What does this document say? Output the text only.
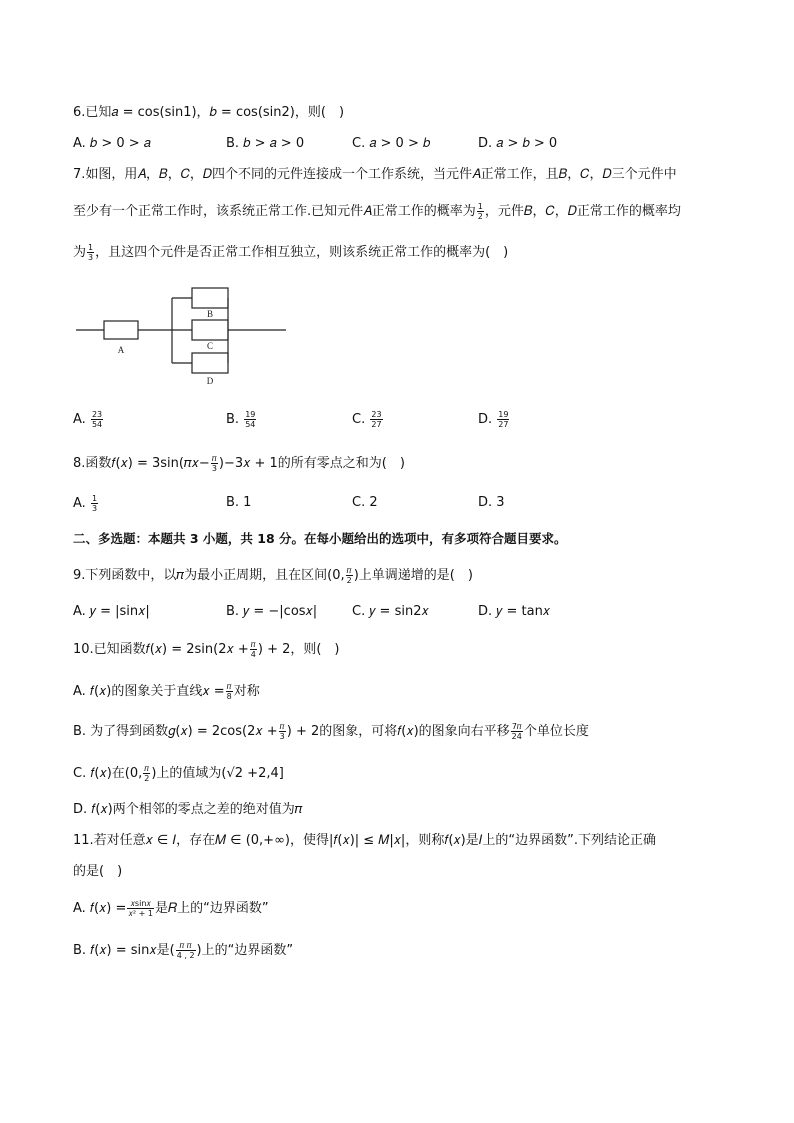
6.已知𝑎 = cos(sin1)，𝑏 = cos(sin2)，则(　)
A. 𝑏 > 0 > 𝑎	B. 𝑏 > 𝑎 > 0	C. 𝑎 > 0 > 𝑏	D. 𝑎 > 𝑏 > 0
7.如图，用𝐴，𝐵，𝐶，𝐷四个不同的元件连接成一个工作系统，当元件𝐴正常工作，且𝐵，𝐶，𝐷三个元件中
至少有一个正常工作时，该系统正常工作.已知元件𝐴正常工作的概率为 $\frac{1}{2}$ ，元件𝐵，𝐶，𝐷正常工作的概率均
为 $\frac{1}{3}$ ，且这四个元件是否正常工作相互独立，则该系统正常工作的概率为(　)
A
B
C
D
A. $\frac{23}{54}$	B. $\frac{19}{54}$	C. $\frac{23}{27}$	D. $\frac{19}{27}$
8.函数𝑓(𝑥) = 3sin(𝜋𝑥− $\frac{\text{𝜋}}{3}$ )−3𝑥 + 1的所有零点之和为(　)
A. $\frac{1}{3}$	B. 1	C. 2	D. 3
二、多选题：本题共 3 小题，共 18 分。在每小题给出的选项中，有多项符合题目要求。
9.下列函数中，以𝜋为最小正周期，且在区间(0, $\frac{\text{𝜋}}{2}$ )上单调递增的是(　)
A. 𝑦 = |sin𝑥|	B. 𝑦 = −|cos𝑥|	C. 𝑦 = sin2𝑥	D. 𝑦 = tan𝑥
10.已知函数𝑓(𝑥) = 2sin(2𝑥 + $\frac{\text{𝜋}}{4}$ ) + 2，则(　)
A. 𝑓(𝑥)的图象关于直线𝑥 = $\frac{\text{𝜋}}{8}$ 对称
B. 为了得到函数𝑔(𝑥) = 2cos(2𝑥 + $\frac{\text{𝜋}}{3}$ ) + 2的图象，可将𝑓(𝑥)的图象向右平移 $\frac{\text{7𝜋}}{24}$ 个单位长度
C. 𝑓(𝑥)在(0, $\frac{\text{𝜋}}{2}$ )上的值域为(√2 +2,4]
D. 𝑓(𝑥)两个相邻的零点之差的绝对值为𝜋
11.若对任意𝑥 ∈ 𝐼，存在𝑀 ∈ (0,+∞)，使得|𝑓(𝑥)| ≤ 𝑀|𝑥|，则称𝑓(𝑥)是𝐼上的“边界函数”.下列结论正确
的是(　)
A. 𝑓(𝑥) = $\frac{\text{𝑥sin𝑥}}{\text{𝑥² + 1}}$ 是𝑅上的“边界函数”
B. 𝑓(𝑥) = sin𝑥是( $\frac{\text{𝜋 𝜋}}{4 , 2}$ )上的“边界函数”
